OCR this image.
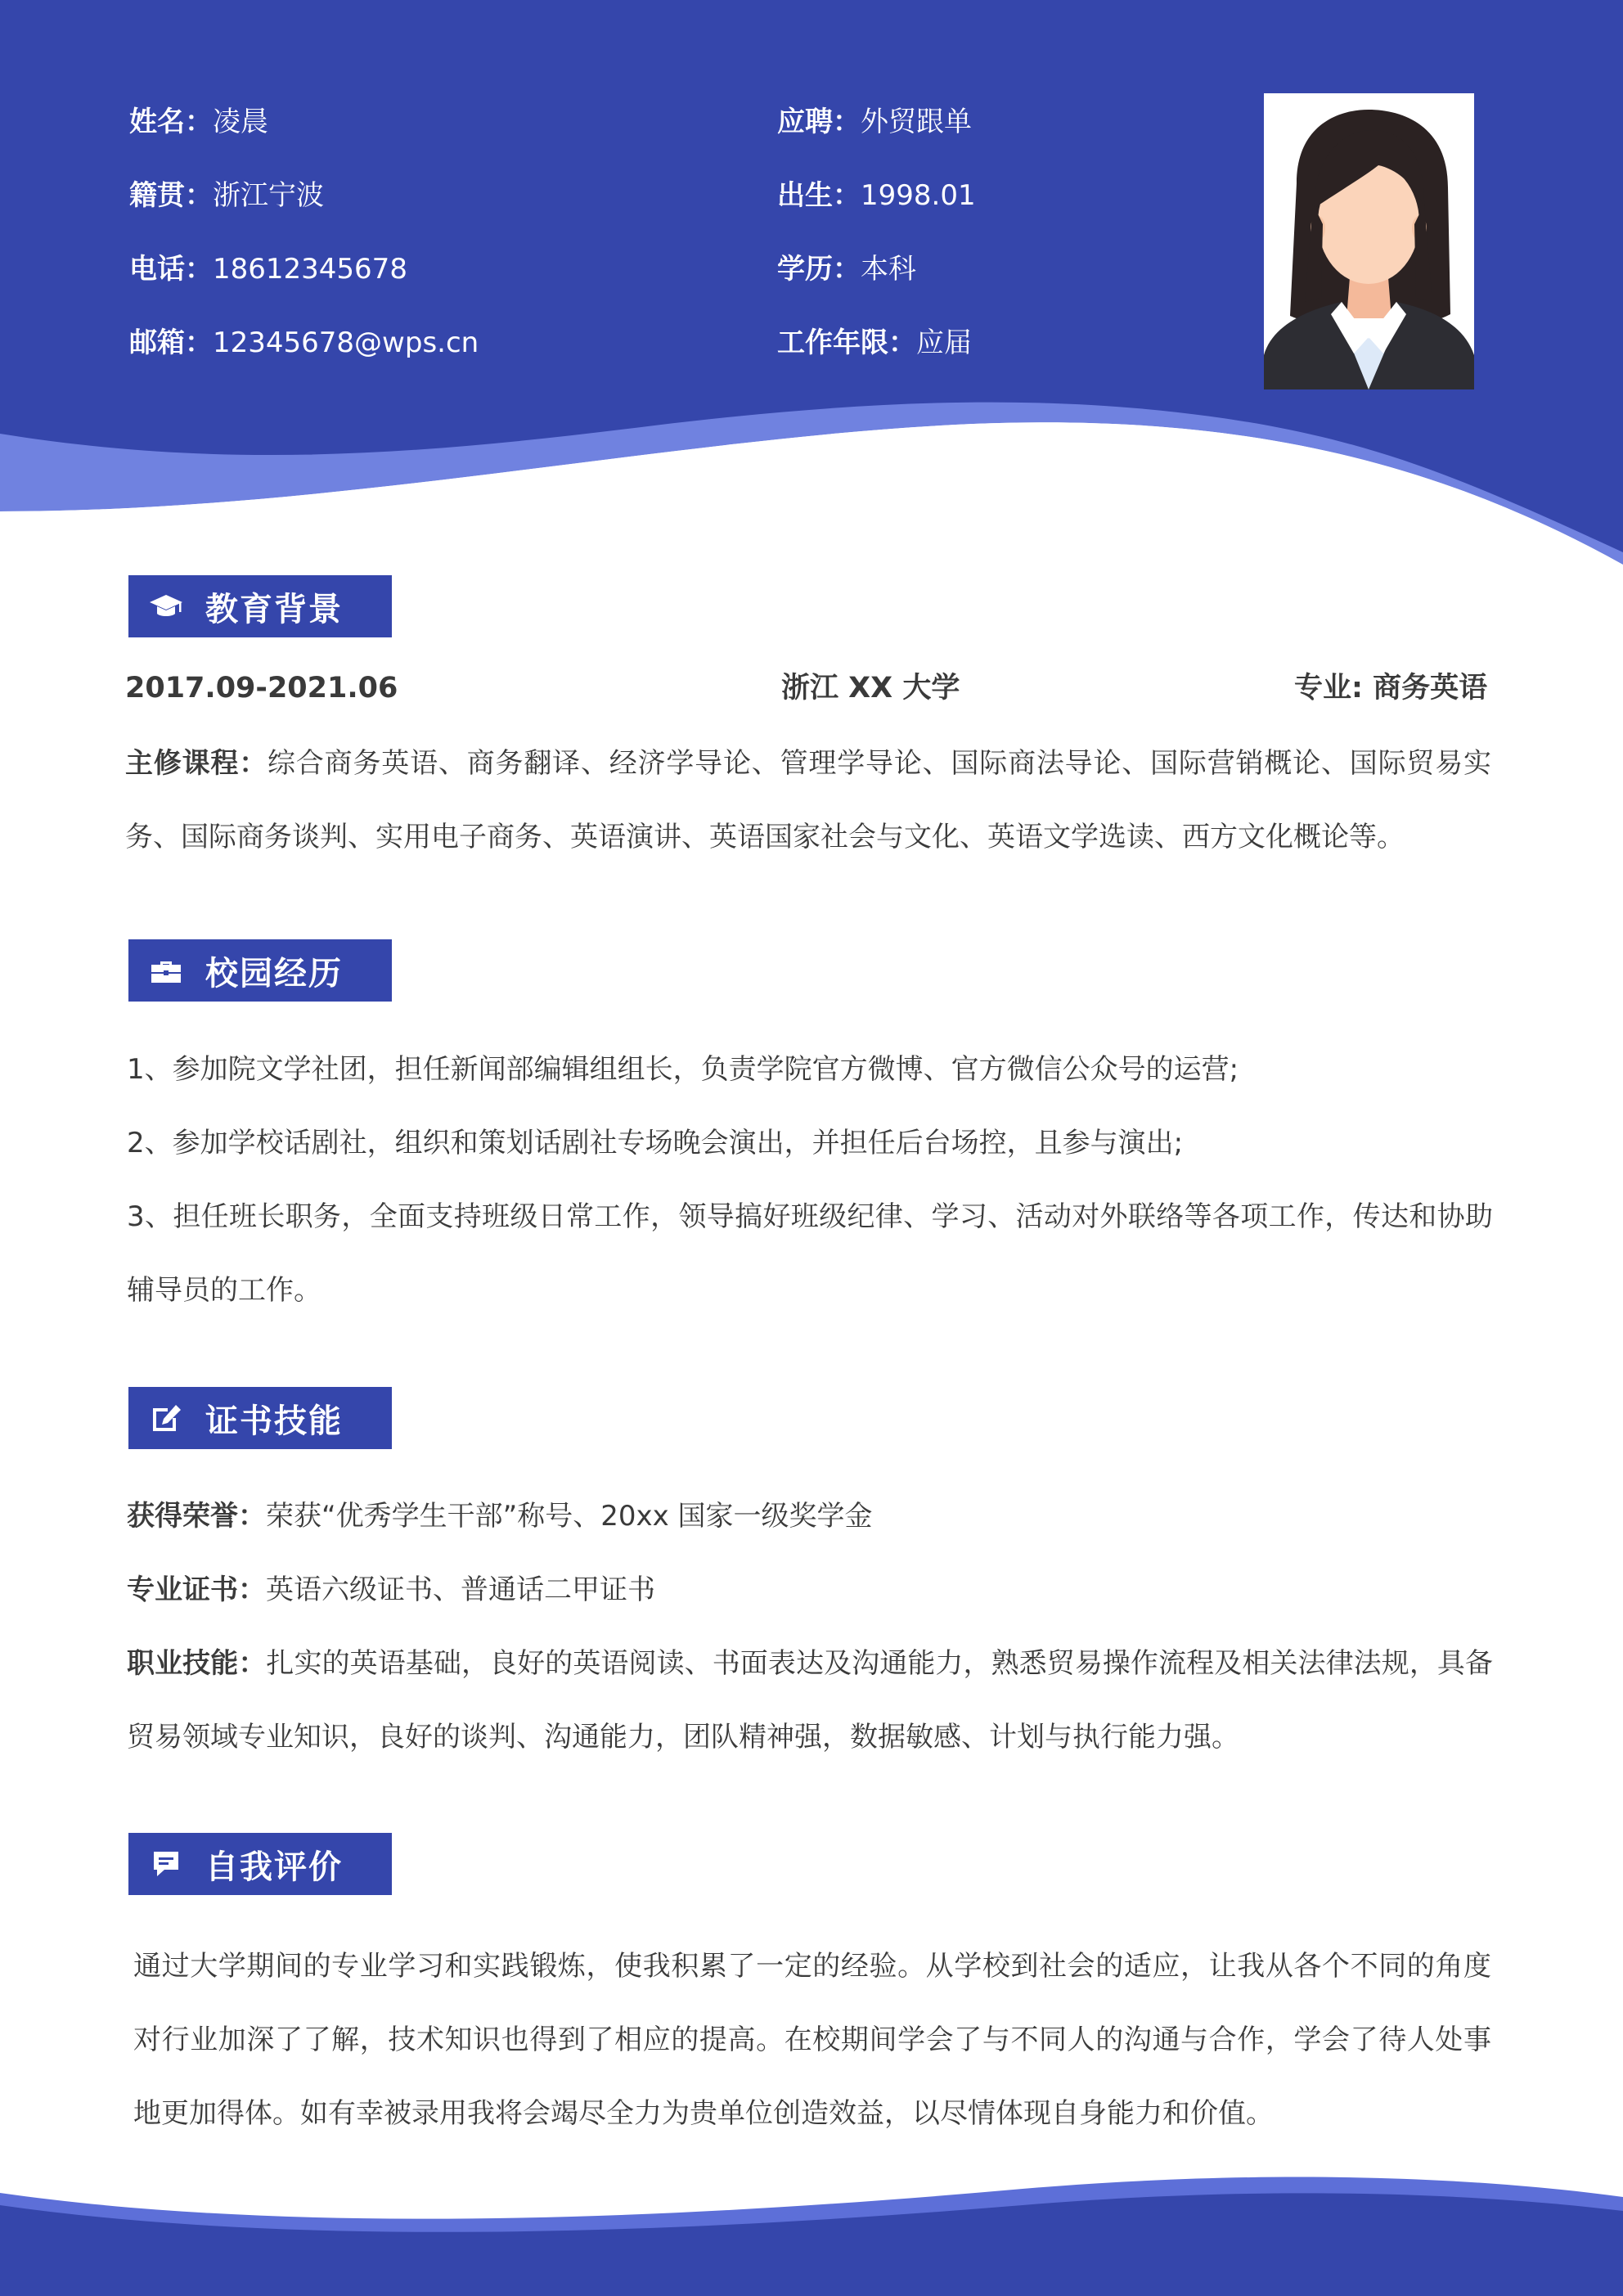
姓名：凌晨
籍贯：浙江宁波
电话：18612345678
邮箱：12345678@wps.cn
应聘：外贸跟单
出生：1998.01
学历：本科
工作年限：应届
教育背景
2017.09-2021.06	浙江 XX 大学	专业: 商务英语
主修课程：综合商务英语、商务翻译、经济学导论、管理学导论、国际商法导论、国际营销概论、国际贸易实务、国际商务谈判、实用电子商务、英语演讲、英语国家社会与文化、英语文学选读、西方文化概论等。
校园经历
1、参加院文学社团，担任新闻部编辑组组长，负责学院官方微博、官方微信公众号的运营;
2、参加学校话剧社，组织和策划话剧社专场晚会演出，并担任后台场控，且参与演出;
3、担任班长职务，全面支持班级日常工作，领导搞好班级纪律、学习、活动对外联络等各项工作，传达和协助辅导员的工作。
证书技能
获得荣誉：荣获“优秀学生干部”称号、20xx 国家一级奖学金
专业证书：英语六级证书、普通话二甲证书
职业技能：扎实的英语基础，良好的英语阅读、书面表达及沟通能力，熟悉贸易操作流程及相关法律法规，具备贸易领域专业知识，良好的谈判、沟通能力，团队精神强，数据敏感、计划与执行能力强。
自我评价
通过大学期间的专业学习和实践锻炼，使我积累了一定的经验。从学校到社会的适应，让我从各个不同的角度对行业加深了了解，技术知识也得到了相应的提高。在校期间学会了与不同人的沟通与合作，学会了待人处事地更加得体。如有幸被录用我将会竭尽全力为贵单位创造效益，以尽情体现自身能力和价值。
